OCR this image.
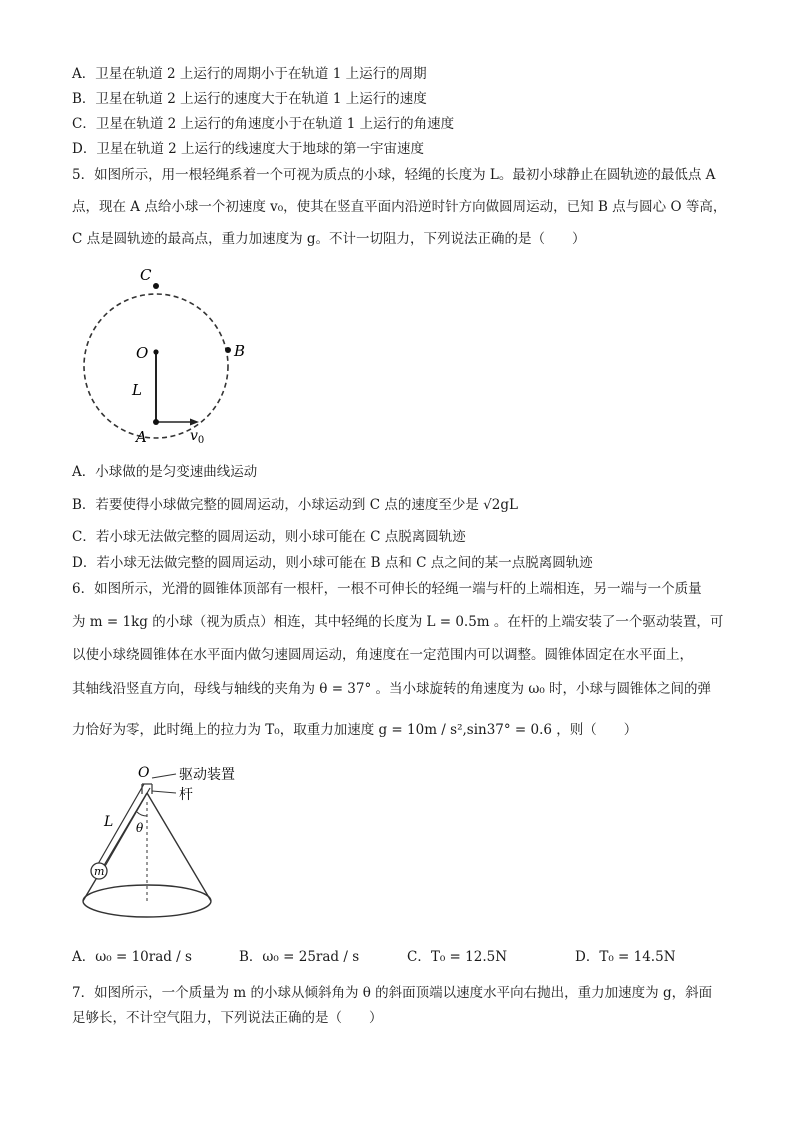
A．卫星在轨道 2 上运行的周期小于在轨道 1 上运行的周期
B．卫星在轨道 2 上运行的速度大于在轨道 1 上运行的速度
C．卫星在轨道 2 上运行的角速度小于在轨道 1 上运行的角速度
D．卫星在轨道 2 上运行的线速度大于地球的第一宇宙速度
5．如图所示，用一根轻绳系着一个可视为质点的小球，轻绳的长度为 L。最初小球静止在圆轨迹的最低点 A
点，现在 A 点给小球一个初速度 v₀，使其在竖直平面内沿逆时针方向做圆周运动，已知 B 点与圆心 O 等高，
C 点是圆轨迹的最高点，重力加速度为 g。不计一切阻力，下列说法正确的是（　　）
C
O	B
L
A	$v_0$
A．小球做的是匀变速曲线运动
B．若要使得小球做完整的圆周运动，小球运动到 C 点的速度至少是 √2gL
C．若小球无法做完整的圆周运动，则小球可能在 C 点脱离圆轨迹
D．若小球无法做完整的圆周运动，则小球可能在 B 点和 C 点之间的某一点脱离圆轨迹
6．如图所示，光滑的圆锥体顶部有一根杆，一根不可伸长的轻绳一端与杆的上端相连，另一端与一个质量
为 m = 1kg 的小球（视为质点）相连，其中轻绳的长度为 L = 0.5m 。在杆的上端安装了一个驱动装置，可
以使小球绕圆锥体在水平面内做匀速圆周运动，角速度在一定范围内可以调整。圆锥体固定在水平面上，
其轴线沿竖直方向，母线与轴线的夹角为 θ = 37° 。当小球旋转的角速度为 ω₀ 时，小球与圆锥体之间的弹
力恰好为零，此时绳上的拉力为 T₀，取重力加速度 g = 10m / s²,sin37° = 0.6 ，则（　　）
O 驱动装置
杆
L θ
m
A．ω₀ = 10rad / s	B．ω₀ = 25rad / s	C．T₀ = 12.5N	D．T₀ = 14.5N
7．如图所示，一个质量为 m 的小球从倾斜角为 θ 的斜面顶端以速度水平向右抛出，重力加速度为 g，斜面
足够长，不计空气阻力，下列说法正确的是（　　）
